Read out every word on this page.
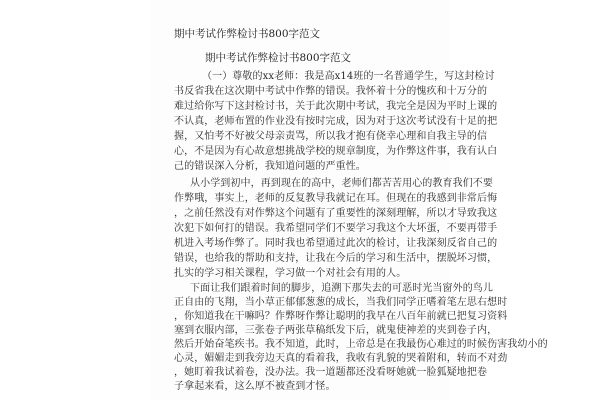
期中考试作弊检讨书800字范文
期中考试作弊检讨书800字范文
（一）尊敬的xx老师：我是高x14班的一名普通学生，写这封检讨
书反省我在这次期中考试中作弊的错误。我怀着十分的愧疚和十万分的
难过给你写下这封检讨书，关于此次期中考试，我完全是因为平时上课的
不认真，老师布置的作业没有按时完成，因为对于这次考试没有十足的把
握，又怕考不好被父母亲责骂，所以我才抱有侥幸心理和自我主导的信
心，不是因为有心故意想挑战学校的规章制度，为作弊这件事，我有认白
己的错误深入分析，我知道问题的严重性。
从小学到初中，再到现在的高中，老师们都苦苦用心的教育我们不要
作弊哦，事实上，老师的反复教导我就记在耳。但现在的我感到非常后悔
，之前任然没有对作弊这个问题有了重要性的深刻理解，所以才导致我这
次犯下如何打的错误。我希望同学们不要学习我这个大坏蛋，不要再带手
机进入考场作弊了。同时我也希望通过此次的检讨，让我深刻反省自己的
错误，也给我的帮助和支持，让我在今后的学习和生活中，摆脱坏习惯，
扎实的学习相关课程，学习做一个对社会有用的人。
下面让我们跟着时间的脚步，追溯下那失去的可恶时光当窗外的鸟儿
正自由的飞翔，当小草正郁郁葱葱的成长，当我们同学正嗜着笔左思右想时
，你知道我在干嘛吗？作弊呀作弊让聪明的我早在八百年前就已把复习资料
塞到衣服内部，三张卷子两张草稿纸发下后，就鬼使神差的夹到卷子内，
然后开始奋笔疾书。我不知道，此时，上帝总是在我最伤心难过的时候伤害我幼小的
心灵，媚媚走到我旁边天真的看着我，我收有乳貌的哭着附和，转而不对劲
，她盯着我试着卷，没办法。我一道题都还没看呀她就一脸狐疑地把卷
子拿起来看，这么厚不被查到才怪。
